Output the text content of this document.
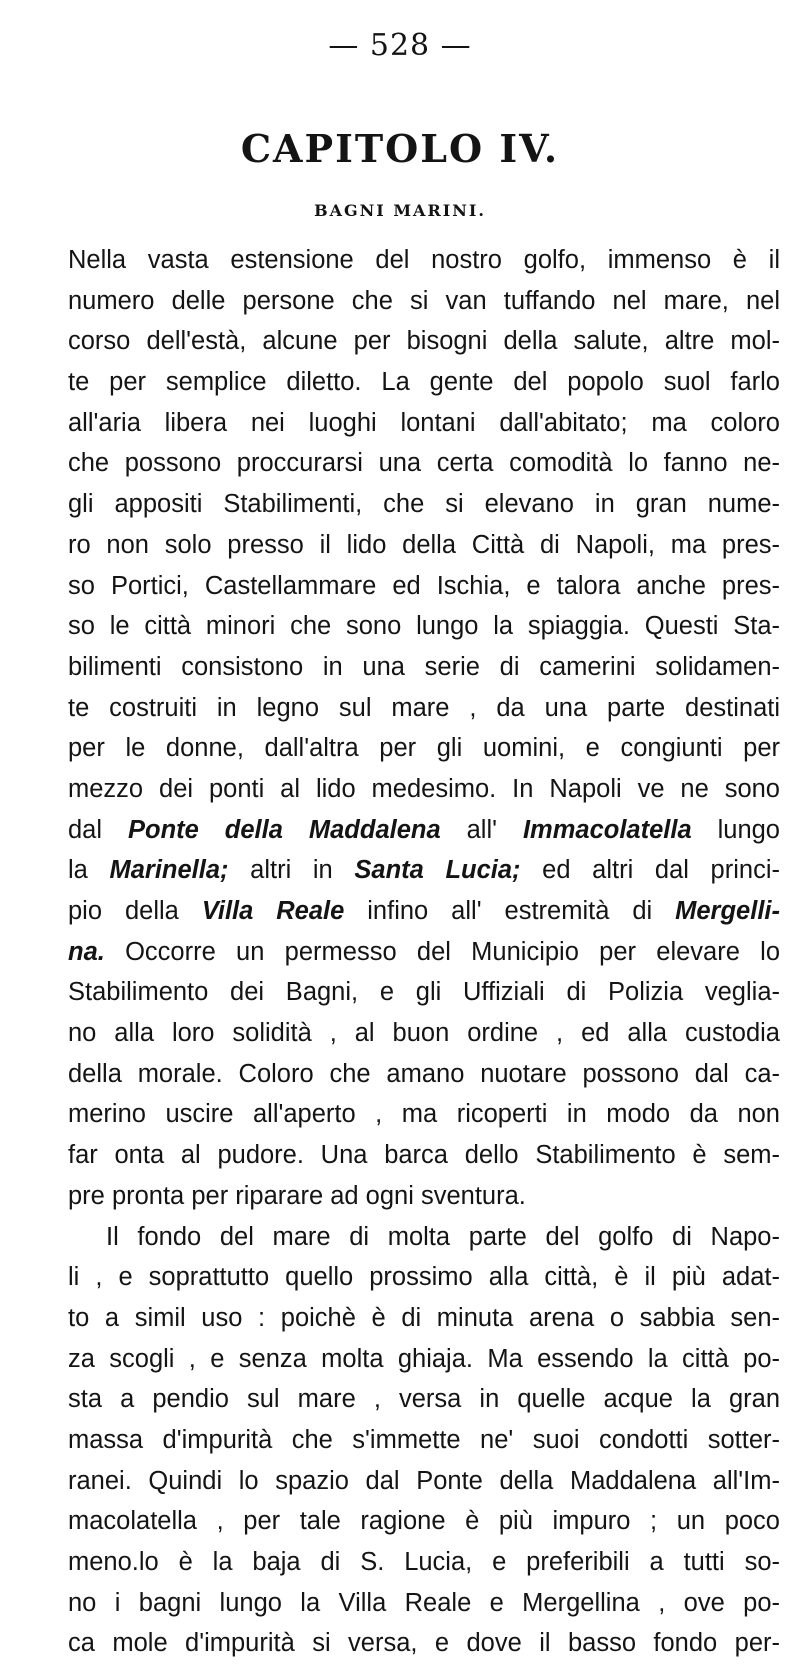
— 528 —
CAPITOLO IV.
BAGNI MARINI.
Nella vasta estensione del nostro golfo, immenso è il
numero delle persone che si van tuffando nel mare, nel
corso dell'està, alcune per bisogni della salute, altre mol-
te per semplice diletto. La gente del popolo suol farlo
all'aria libera nei luoghi lontani dall'abitato; ma coloro
che possono proccurarsi una certa comodità lo fanno ne-
gli appositi Stabilimenti, che si elevano in gran nume-
ro non solo presso il lido della Città di Napoli, ma pres-
so Portici, Castellammare ed Ischia, e talora anche pres-
so le città minori che sono lungo la spiaggia. Questi Sta-
bilimenti consistono in una serie di camerini solidamen-
te costruiti in legno sul mare , da una parte destinati
per le donne, dall'altra per gli uomini, e congiunti per
mezzo dei ponti al lido medesimo. In Napoli ve ne sono
dal Ponte della Maddalena all' Immacolatella lungo
la Marinella; altri in Santa Lucia; ed altri dal princi-
pio della Villa Reale infino all' estremità di Mergelli-
na. Occorre un permesso del Municipio per elevare lo
Stabilimento dei Bagni, e gli Uffiziali di Polizia veglia-
no alla loro solidità , al buon ordine , ed alla custodia
della morale. Coloro che amano nuotare possono dal ca-
merino uscire all'aperto , ma ricoperti in modo da non
far onta al pudore. Una barca dello Stabilimento è sem-
pre pronta per riparare ad ogni sventura.
Il fondo del mare di molta parte del golfo di Napo-
li , e soprattutto quello prossimo alla città, è il più adat-
to a simil uso : poichè è di minuta arena o sabbia sen-
za scogli , e senza molta ghiaja. Ma essendo la città po-
sta a pendio sul mare , versa in quelle acque la gran
massa d'impurità che s'immette ne' suoi condotti sotter-
ranei. Quindi lo spazio dal Ponte della Maddalena all'Im-
macolatella , per tale ragione è più impuro ; un poco
meno.lo è la baja di S. Lucia, e preferibili a tutti so-
no i bagni lungo la Villa Reale e Mergellina , ove po-
ca mole d'impurità si versa, e dove il basso fondo per-
